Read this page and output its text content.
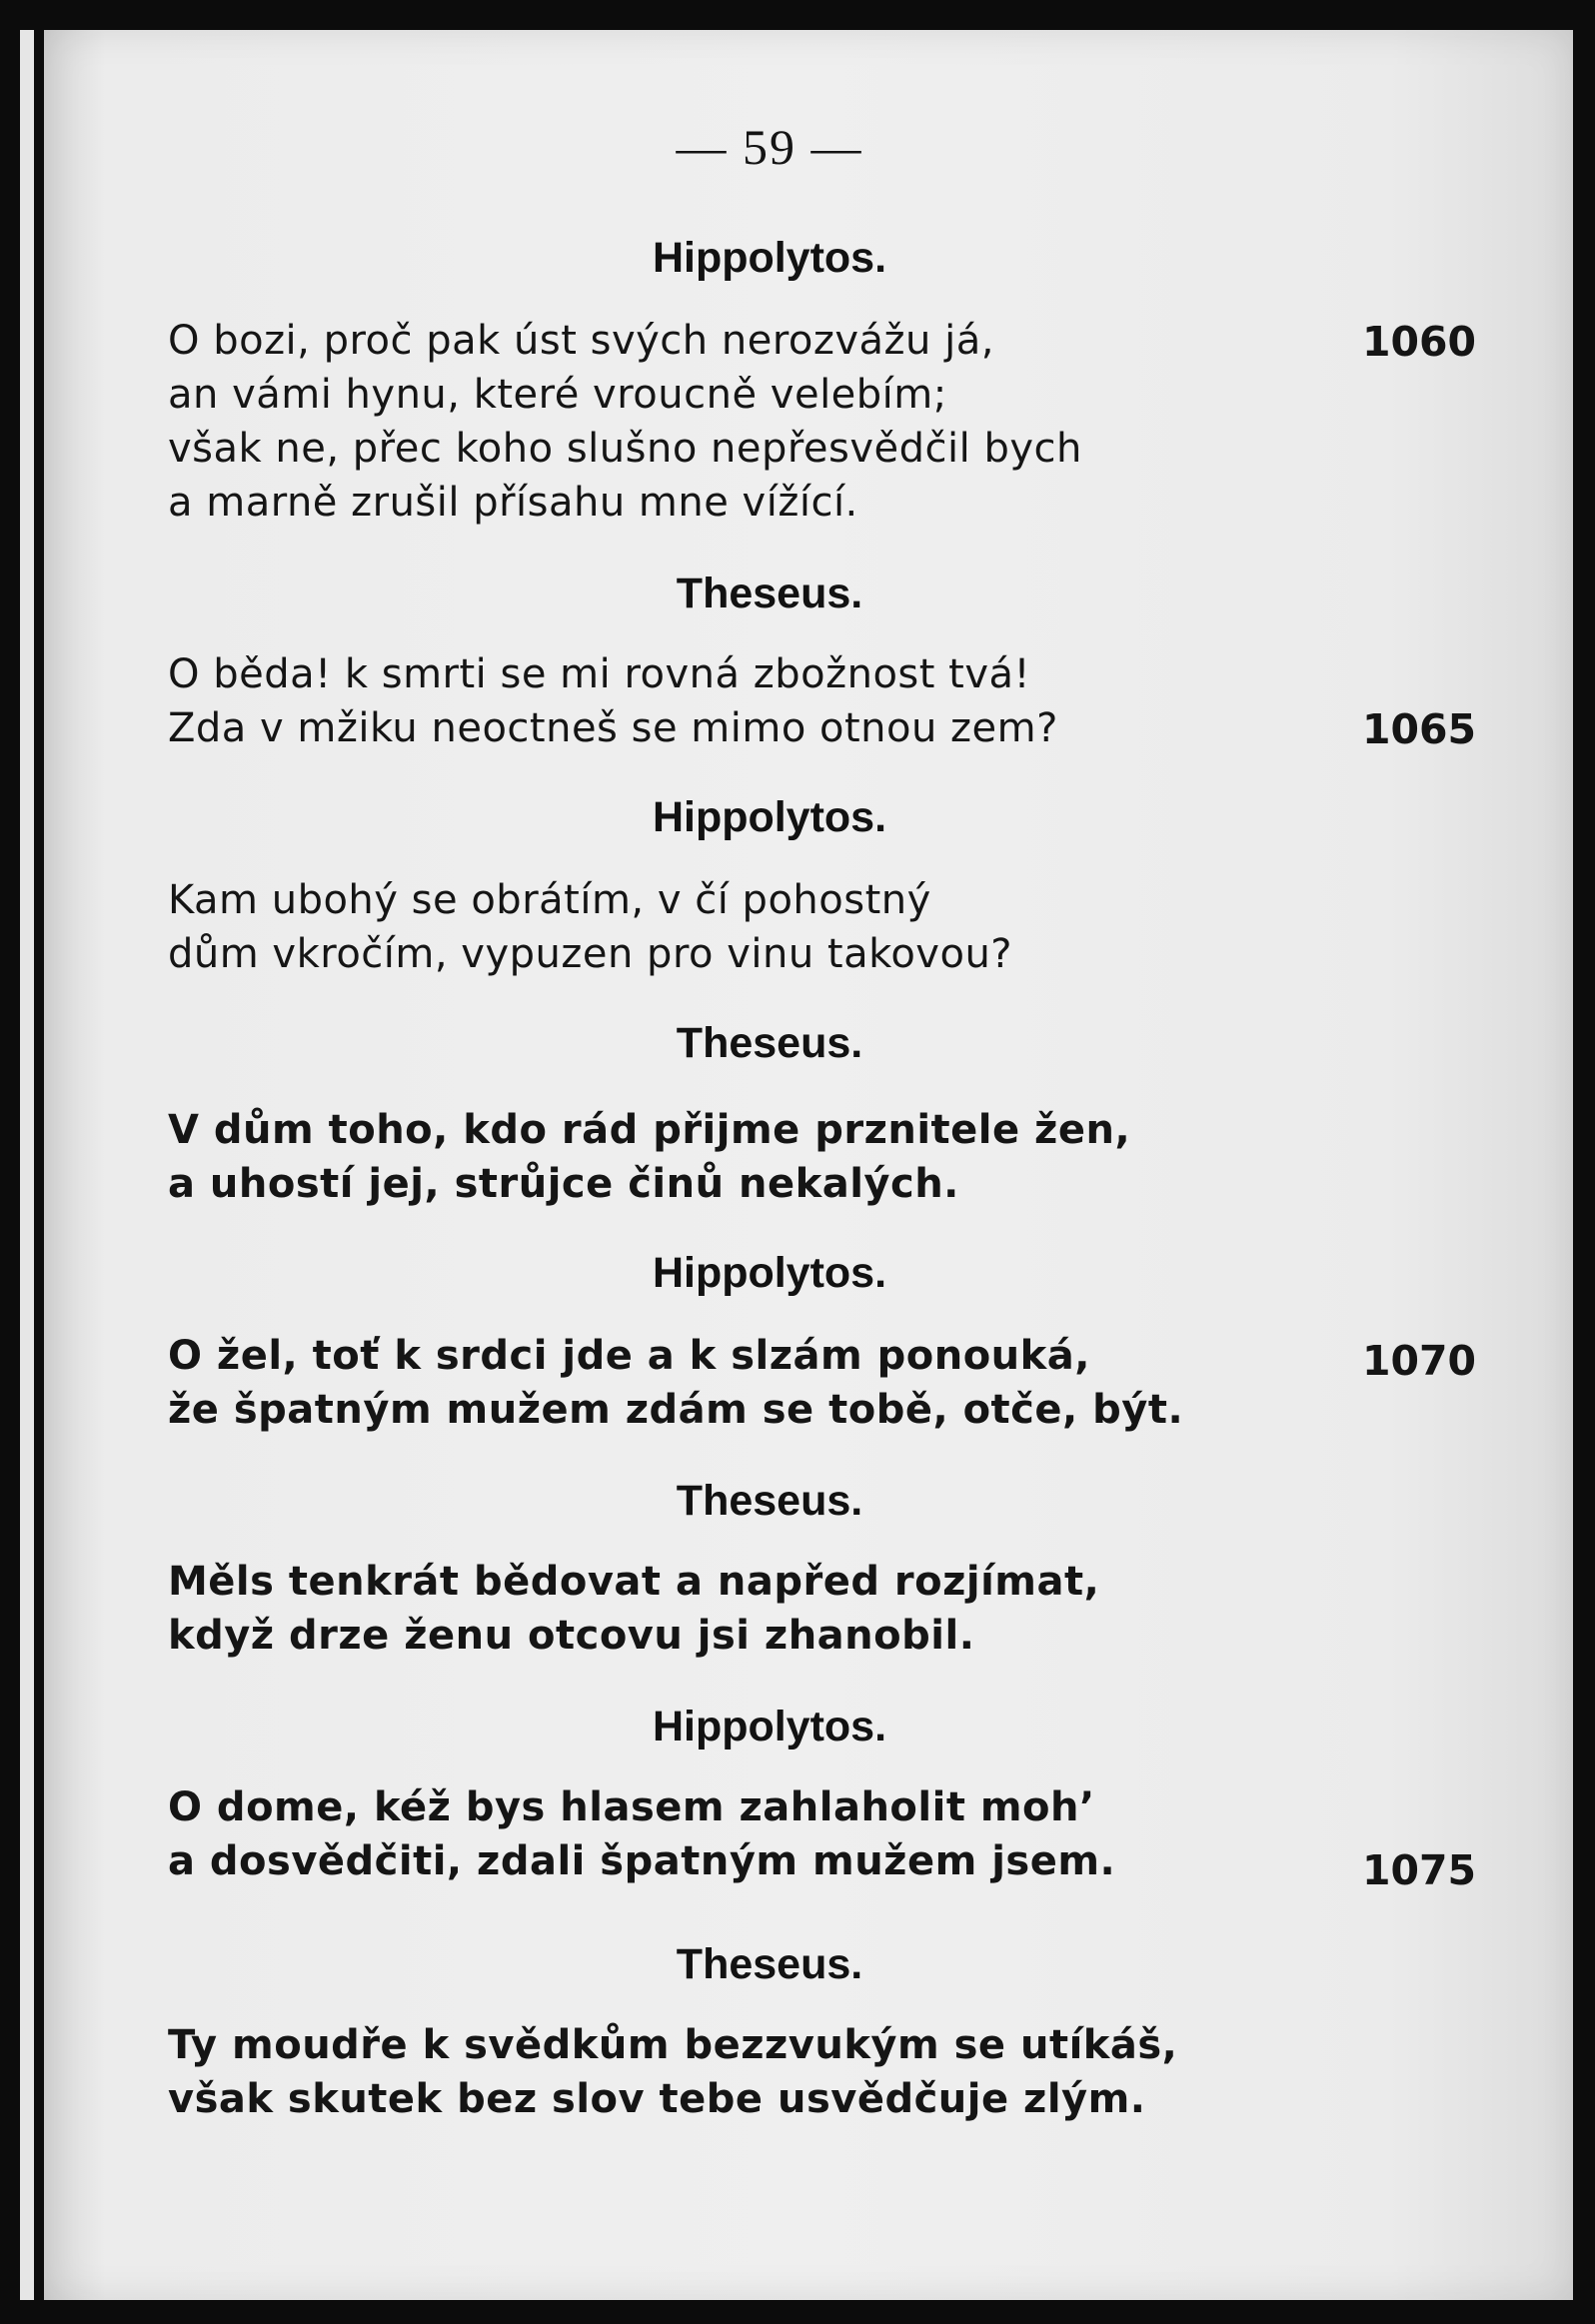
— 59 —
Hippolytos.
O bozi, proč pak úst svých nerozvážu já,
an vámi hynu, které vroucně velebím;
však ne, přec koho slušno nepřesvědčil bych
a marně zrušil přísahu mne vížící.
1060
Theseus.
O běda! k smrti se mi rovná zbožnost tvá!
Zda v mžiku neoctneš se mimo otnou zem?	1065
Hippolytos.
Kam ubohý se obrátím, v čí pohostný
dům vkročím, vypuzen pro vinu takovou?
Theseus.
V dům toho, kdo rád přijme prznitele žen,
a uhostí jej, strůjce činů nekalých.
Hippolytos.
O žel, toť k srdci jde a k slzám ponouká,
že špatným mužem zdám se tobě, otče, být.
1070
Theseus.
Měls tenkrát bědovat a napřed rozjímat,
když drze ženu otcovu jsi zhanobil.
Hippolytos.
O dome, kéž bys hlasem zahlaholit moh’
a dosvědčiti, zdali špatným mužem jsem.	1075
Theseus.
Ty moudře k svědkům bezzvukým se utíkáš,
však skutek bez slov tebe usvědčuje zlým.
